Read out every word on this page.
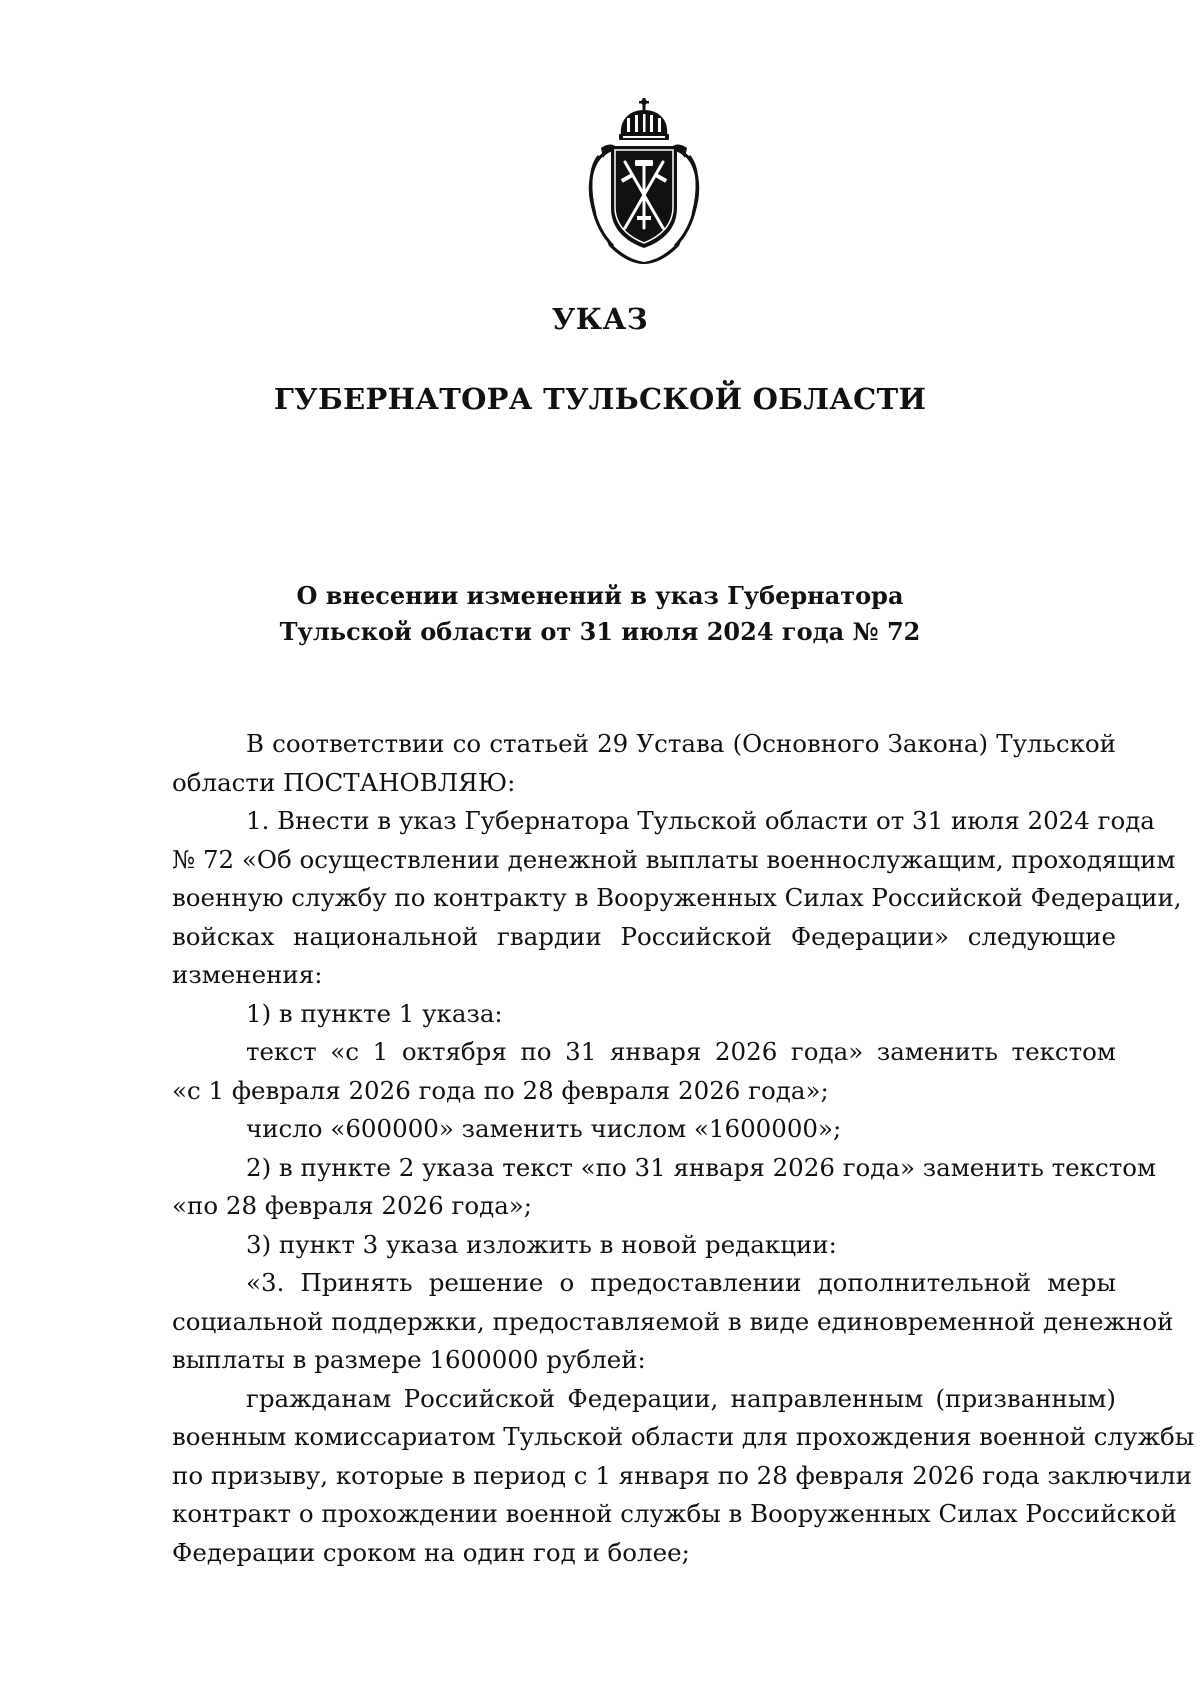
УКАЗ
ГУБЕРНАТОРА ТУЛЬСКОЙ ОБЛАСТИ
О внесении изменений в указ Губернатора
Тульской области от 31 июля 2024 года № 72
В соответствии со статьей 29 Устава (Основного Закона) Тульской
области ПОСТАНОВЛЯЮ:
1. Внести в указ Губернатора Тульской области от 31 июля 2024 года
№ 72 «Об осуществлении денежной выплаты военнослужащим, проходящим
военную службу по контракту в Вооруженных Силах Российской Федерации,
войсках национальной гвардии Российской Федерации» следующие
изменения:
1) в пункте 1 указа:
текст «с 1 октября по 31 января 2026 года» заменить текстом
«с 1 февраля 2026 года по 28 февраля 2026 года»;
число «600000» заменить числом «1600000»;
2) в пункте 2 указа текст «по 31 января 2026 года» заменить текстом
«по 28 февраля 2026 года»;
3) пункт 3 указа изложить в новой редакции:
«3. Принять решение о предоставлении дополнительной меры
социальной поддержки, предоставляемой в виде единовременной денежной
выплаты в размере 1600000 рублей:
гражданам Российской Федерации, направленным (призванным)
военным комиссариатом Тульской области для прохождения военной службы
по призыву, которые в период с 1 января по 28 февраля 2026 года заключили
контракт о прохождении военной службы в Вооруженных Силах Российской
Федерации сроком на один год и более;
